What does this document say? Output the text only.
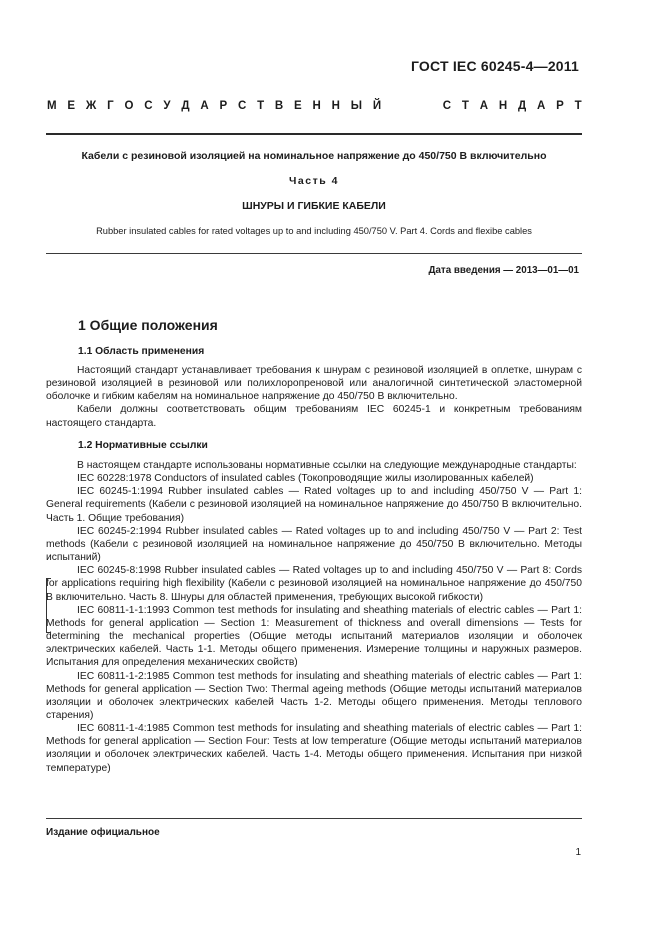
ГОСТ IEC 60245-4—2011
М Е Ж Г О С У Д А Р С Т В Е Н Н Ы Й	С Т А Н Д А Р Т
Кабели с резиновой изоляцией на номинальное напряжение до 450/750 В включительно
Часть 4
ШНУРЫ И ГИБКИЕ КАБЕЛИ
Rubber insulated cables for rated voltages up to and including 450/750 V. Part 4. Cords and flexibe cables
Дата введения — 2013—01—01
1 Общие положения
1.1 Область применения

Настоящий стандарт устанавливает требования к шнурам с резиновой изоляцией в оплетке, шнурам с резиновой изоляцией в резиновой или полихлоропреновой или аналогичной синтетической эластомерной оболочке и гибким кабелям на номинальное напряжение до 450/750 В включительно.

Кабели должны соответствовать общим требованиям IEC 60245-1 и конкретным требованиям настоящего стандарта.

1.2 Нормативные ссылки

В настоящем стандарте использованы нормативные ссылки на следующие международные стандарты:

IEC 60228:1978 Conductors of insulated cables (Токопроводящие жилы изолированных кабелей)

IEC 60245-1:1994 Rubber insulated cables — Rated voltages up to and including 450/750 V — Part 1: General requirements (Кабели с резиновой изоляцией на номинальное напряжение до 450/750 В включительно. Часть 1. Общие требования)

IEC 60245-2:1994 Rubber insulated cables — Rated voltages up to and including 450/750 V — Part 2: Test methods (Кабели с резиновой изоляцией на номинальное напряжение до 450/750 В включительно. Методы испытаний)

IEC 60245-8:1998 Rubber insulated cables — Rated voltages up to and including 450/750 V — Part 8: Cords for applications requiring high flexibility (Кабели с резиновой изоляцией на номинальное напряжение до 450/750 В включительно. Часть 8. Шнуры для областей применения, требующих высокой гибкости)

IEC 60811-1-1:1993 Common test methods for insulating and sheathing materials of electric cables — Part 1: Methods for general application — Section 1: Measurement of thickness and overall dimensions — Tests for determining the mechanical properties (Общие методы испытаний материалов изоляции и оболочек электрических кабелей. Часть 1-1. Методы общего применения. Измерение толщины и наружных размеров. Испытания для определения механических свойств)

IEC 60811-1-2:1985 Common test methods for insulating and sheathing materials of electric cables — Part 1: Methods for general application — Section Two: Thermal ageing methods (Общие методы испытаний материалов изоляции и оболочек электрических кабелей Часть 1-2. Методы общего применения. Методы теплового старения)

IEC 60811-1-4:1985 Common test methods for insulating and sheathing materials of electric cables — Part 1: Methods for general application — Section Four: Tests at low temperature (Общие методы испытаний материалов изоляции и оболочек электрических кабелей. Часть 1-4. Методы общего применения. Испытания при низкой температуре)

Издание официальное
1
